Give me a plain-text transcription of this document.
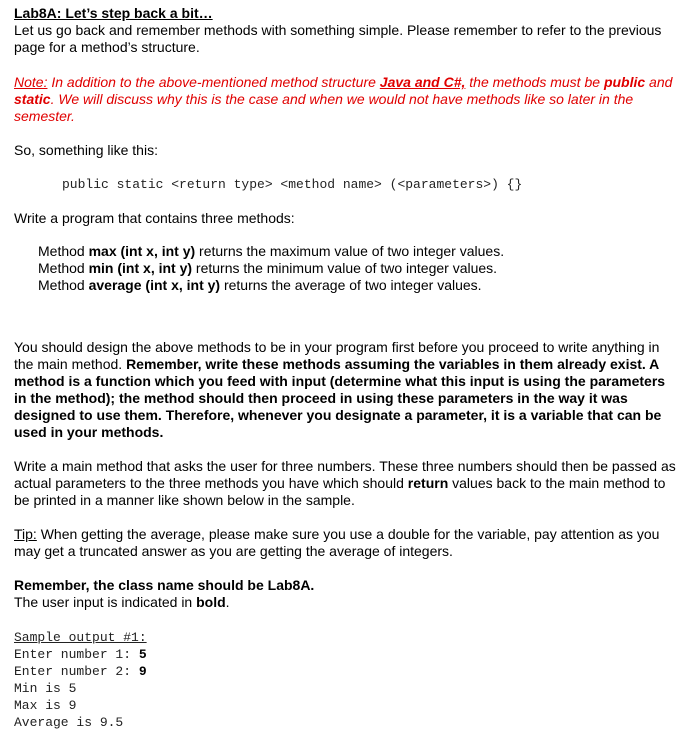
Lab8A: Let’s step back a bit…

Let us go back and remember methods with something simple. Please remember to refer to the previous page for a method’s structure.

Note: In addition to the above-mentioned method structure Java and C#, the methods must be public and static. We will discuss why this is the case and when we would not have methods like so later in the semester.

So, something like this:

public static <return type> <method name> (<parameters>) {}

Write a program that contains three methods:

Method max (int x, int y) returns the maximum value of two integer values.

Method min (int x, int y) returns the minimum value of two integer values.

Method average (int x, int y) returns the average of two integer values.

You should design the above methods to be in your program first before you proceed to write anything in the main method. Remember, write these methods assuming the variables in them already exist. A method is a function which you feed with input (determine what this input is using the parameters in the method); the method should then proceed in using these parameters in the way it was designed to use them. Therefore, whenever you designate a parameter, it is a variable that can be used in your methods.

Write a main method that asks the user for three numbers. These three numbers should then be passed as actual parameters to the three methods you have which should return values back to the main method to be printed in a manner like shown below in the sample.

Tip: When getting the average, please make sure you use a double for the variable, pay attention as you may get a truncated answer as you are getting the average of integers.

Remember, the class name should be Lab8A.

The user input is indicated in bold.

Sample output #1:
Enter number 1: 5
Enter number 2: 9
Min is 5
Max is 9
Average is 9.5
